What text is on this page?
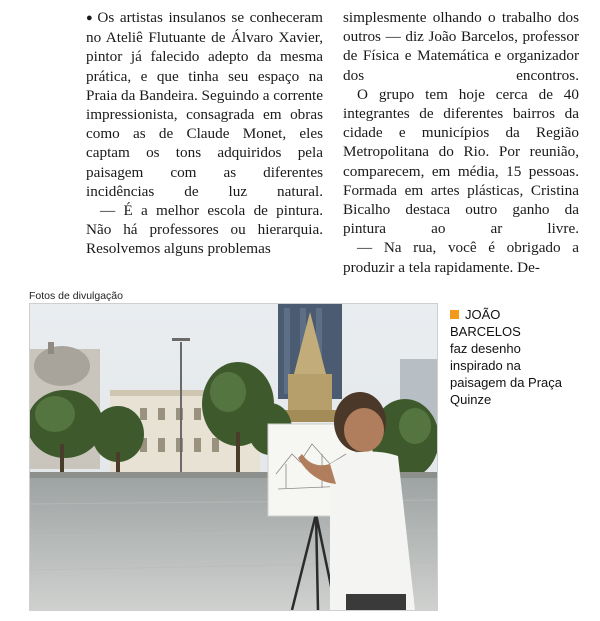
● Os artistas insulanos se conheceram no Ateliê Flutuante de Álvaro Xavier, pintor já falecido adepto da mesma prática, e que tinha seu espaço na Praia da Bandeira. Seguindo a corrente impressionista, consagrada em obras como as de Claude Monet, eles captam os tons adquiridos pela paisagem com as diferentes incidências de luz natural.

— É a melhor escola de pintura. Não há professores ou hierarquia. Resolvemos alguns problemas

simplesmente olhando o trabalho dos outros — diz João Barcelos, professor de Física e Matemática e organizador dos encontros.

O grupo tem hoje cerca de 40 integrantes de diferentes bairros da cidade e municípios da Região Metropolitana do Rio. Por reunião, comparecem, em média, 15 pessoas. Formada em artes plásticas, Cristina Bicalho destaca outro ganho da pintura ao ar livre.

— Na rua, você é obrigado a produzir a tela rapidamente. De-

Fotos de divulgação
JOÃO BARCELOS
faz desenho inspirado na paisagem da Praça Quinze
